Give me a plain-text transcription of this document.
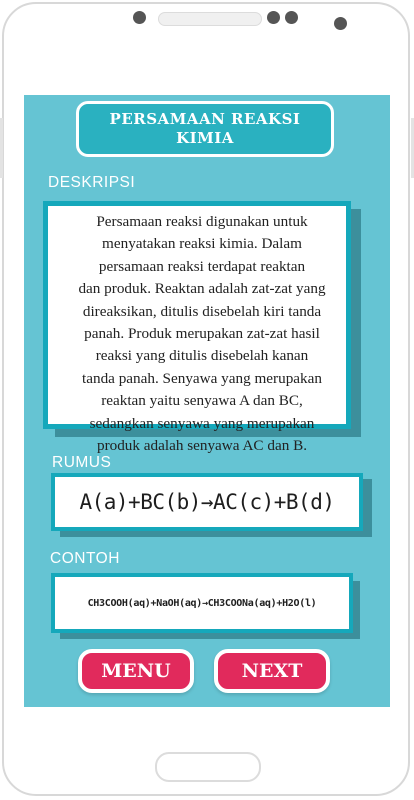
PERSAMAAN REAKSI KIMIA
DESKRIPSI
RUMUS
Persamaan reaksi digunakan untuk
menyatakan reaksi kimia. Dalam
persamaan reaksi terdapat reaktan
dan produk. Reaktan adalah zat-zat yang
direaksikan, ditulis disebelah kiri tanda
panah. Produk merupakan zat-zat hasil
reaksi yang ditulis disebelah kanan
tanda panah. Senyawa yang merupakan
reaktan yaitu senyawa A dan BC,
sedangkan senyawa yang merupakan
produk adalah senyawa AC dan B.
A(a)+BC(b)→AC(c)+B(d)
CONTOH
CH3COOH(aq)+NaOH(aq)→CH3COONa(aq)+H2O(l)
MENU	NEXT
